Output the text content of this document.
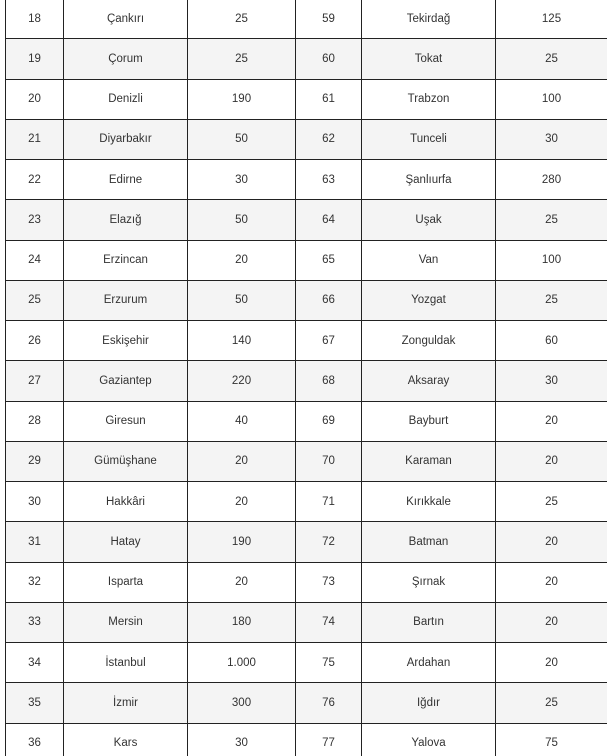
18	Çankırı	25	59	Tekirdağ	125
19	Çorum	25	60	Tokat	25
20	Denizli	190	61	Trabzon	100
21	Diyarbakır	50	62	Tunceli	30
22	Edirne	30	63	Şanlıurfa	280
23	Elazığ	50	64	Uşak	25
24	Erzincan	20	65	Van	100
25	Erzurum	50	66	Yozgat	25
26	Eskişehir	140	67	Zonguldak	60
27	Gaziantep	220	68	Aksaray	30
28	Giresun	40	69	Bayburt	20
29	Gümüşhane	20	70	Karaman	20
30	Hakkâri	20	71	Kırıkkale	25
31	Hatay	190	72	Batman	20
32	Isparta	20	73	Şırnak	20
33	Mersin	180	74	Bartın	20
34	İstanbul	1.000	75	Ardahan	20
35	İzmir	300	76	Iğdır	25
36	Kars	30	77	Yalova	75
